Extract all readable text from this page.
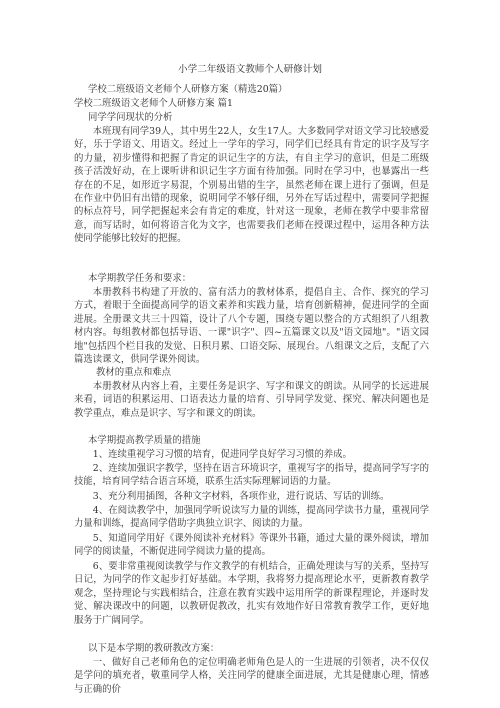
小学二年级语文教师个人研修计划
学校二班级语文老师个人研修方案（精选20篇）
学校二班级语文老师个人研修方案 篇1
同学学问现状的分析

本班现有同学39人，其中男生22人，女生17人。大多数同学对语文学习比较感爱好，乐于学语文、用语文。经过上一学年的学习，同学们已经具有肯定的识字及写字的力量，初步懂得和把握了肯定的识记生字的方法，有自主学习的意识，但是二班级孩子活泼好动，在上课听讲和识记生字方面有待加强。同时在学习中，也暴露出一些存在的不足，如形近字易混，个别易出错的生字，虽然老师在课上进行了强调，但是在作业中仍旧有出错的现象，说明同学不够仔细，另外在写话过程中，需要同学把握的标点符号，同学把握起来会有肯定的难度，针对这一现象，老师在教学中要非常留意，而写话时，如何将语言化为文字，也需要我们老师在授课过程中，运用各种方法使同学能够比较好的把握。

本学期教学任务和要求：

本册教科书构建了开放的、富有活力的教材体系，提倡自主、合作、探究的学习方式，着眼于全面提高同学的语文素养和实践力量，培育创新精神，促进同学的全面进展。全册课文共三十四篇，设计了八个专题，围绕专题以整合的方式组织了八组教材内容。每组教材都包括导语、一课"识字"、四~五篇课文以及"语文园地"。"语文园地"包括四个栏目我的发觉、日积月累、口语交际、展现台。八组课文之后，支配了六篇选读课文，供同学课外阅读。

教材的重点和难点

本册教材从内容上看，主要任务是识字、写字和课文的朗读。从同学的长远进展来看，词语的积累运用、口语表达力量的培育、引导同学发觉、探究、解决问题也是教学重点，难点是识字、写字和课文的朗读。

本学期提高教学质量的措施

1、连续重视学习习惯的培育，促进同学良好学习习惯的养成。

2、连续加强识字教学，坚持在语言环境识字，重视写字的指导，提高同学写字的技能，培育同学结合语言环境，联系生活实际理解词语的力量。

3、充分利用插图，各种文字材料，各项作业，进行说话、写话的训练。

4、在阅读教学中，加强同学听说读写力量的训练，提高同学读书力量，重视同学力量和训练，提高同学借助字典独立识字、阅读的力量。

5、知道同学用好《课外阅读补充材料》等课外书籍，通过大量的课外阅读，增加同学的阅读量，不断促进同学阅读力量的提高。

6、要非常重视阅读教学与作文教学的有机结合，正确处理读与写的关系，坚持写日记，为同学的作文起步打好基础。本学期，我将努力提高理论水平，更新教育教学观念，坚持理论与实践相结合，注意在教育实践中运用所学的新课程理论，并逐时发觉、解决课改中的问题，以教研促教改，扎实有效地作好日常教育教学工作，更好地服务于广阔同学。

以下是本学期的教研教改方案：

一、做好自己老师角色的定位明确老师角色是人的一生进展的引领者，决不仅仅是学问的填充者，敬重同学人格，关注同学的健康全面进展，尤其是健康心理，情感与正确的价
